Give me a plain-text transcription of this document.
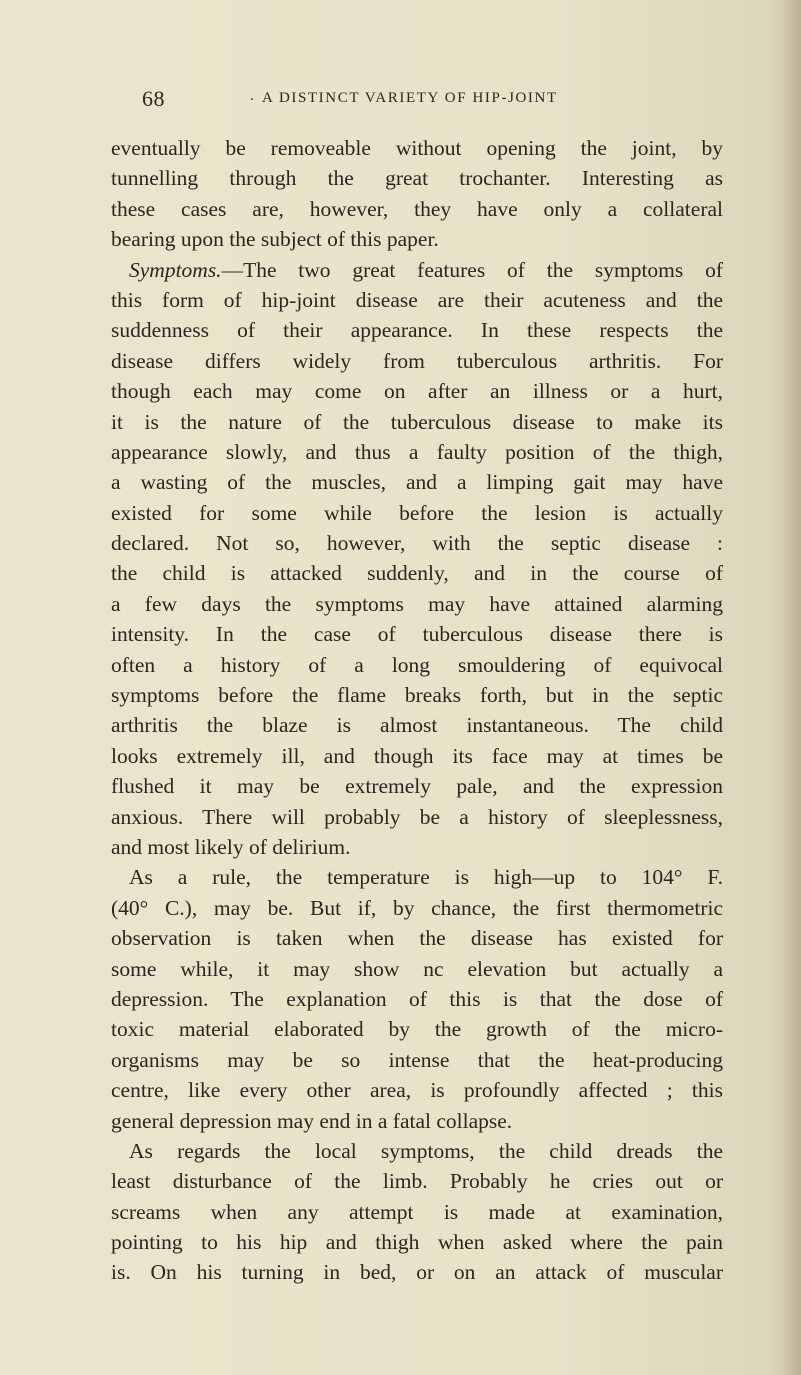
68	. A DISTINCT VARIETY OF HIP-JOINT
eventually be removeable without opening the joint, by
tunnelling through the great trochanter. Interesting as
these cases are, however, they have only a collateral
bearing upon the subject of this paper.
Symptoms.—The two great features of the symptoms of
this form of hip-joint disease are their acuteness and the
suddenness of their appearance. In these respects the
disease differs widely from tuberculous arthritis. For
though each may come on after an illness or a hurt,
it is the nature of the tuberculous disease to make its
appearance slowly, and thus a faulty position of the thigh,
a wasting of the muscles, and a limping gait may have
existed for some while before the lesion is actually
declared. Not so, however, with the septic disease :
the child is attacked suddenly, and in the course of
a few days the symptoms may have attained alarming
intensity. In the case of tuberculous disease there is
often a history of a long smouldering of equivocal
symptoms before the flame breaks forth, but in the septic
arthritis the blaze is almost instantaneous. The child
looks extremely ill, and though its face may at times be
flushed it may be extremely pale, and the expression
anxious. There will probably be a history of sleeplessness,
and most likely of delirium.
As a rule, the temperature is high—up to 104° F.
(40° C.), may be. But if, by chance, the first thermometric
observation is taken when the disease has existed for
some while, it may show nc elevation but actually a
depression. The explanation of this is that the dose of
toxic material elaborated by the growth of the micro-
organisms may be so intense that the heat-producing
centre, like every other area, is profoundly affected ; this
general depression may end in a fatal collapse.
As regards the local symptoms, the child dreads the
least disturbance of the limb. Probably he cries out or
screams when any attempt is made at examination,
pointing to his hip and thigh when asked where the pain
is. On his turning in bed, or on an attack of muscular
